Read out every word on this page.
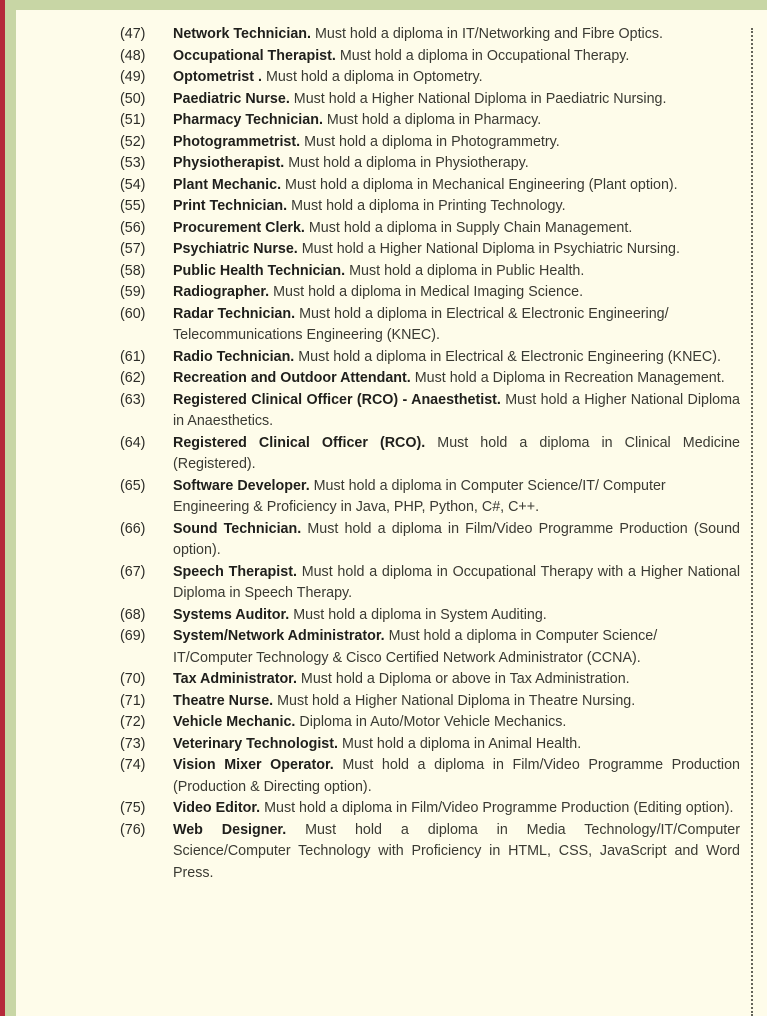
(47)	Network Technician. Must hold a diploma in IT/Networking and Fibre Optics.
(48)	Occupational Therapist. Must hold a diploma in Occupational Therapy.
(49)	Optometrist . Must hold a diploma in Optometry.
(50)	Paediatric Nurse. Must hold a Higher National Diploma in Paediatric Nursing.
(51)	Pharmacy Technician. Must hold a diploma in Pharmacy.
(52)	Photogrammetrist. Must hold a diploma in Photogrammetry.
(53)	Physiotherapist. Must hold a diploma in Physiotherapy.
(54)	Plant Mechanic. Must hold a diploma in Mechanical Engineering (Plant option).
(55)	Print Technician. Must hold a diploma in Printing Technology.
(56)	Procurement Clerk. Must hold a diploma in Supply Chain Management.
(57)	Psychiatric Nurse. Must hold a Higher National Diploma in Psychiatric Nursing.
(58)	Public Health Technician. Must hold a diploma in Public Health.
(59)	Radiographer. Must hold a diploma in Medical Imaging Science.
(60)	Radar Technician. Must hold a diploma in Electrical & Electronic Engineering/ Telecommunications Engineering (KNEC).
(61)	Radio Technician. Must hold a diploma in Electrical & Electronic Engineering (KNEC).
(62)	Recreation and Outdoor Attendant. Must hold a Diploma in Recreation Management.
(63)	Registered Clinical Officer (RCO) - Anaesthetist. Must hold a Higher National Diploma in Anaesthetics.
(64)	Registered Clinical Officer (RCO). Must hold a diploma in Clinical Medicine (Registered).
(65)	Software Developer. Must hold a diploma in Computer Science/IT/ Computer Engineering & Proficiency in Java, PHP, Python, C#, C++.
(66)	Sound Technician. Must hold a diploma in Film/Video Programme Production (Sound option).
(67)	Speech Therapist. Must hold a diploma in Occupational Therapy with a Higher National Diploma in Speech Therapy.
(68)	Systems Auditor. Must hold a diploma in System Auditing.
(69)	System/Network Administrator. Must hold a diploma in Computer Science/ IT/Computer Technology & Cisco Certified Network Administrator (CCNA).
(70)	Tax Administrator. Must hold a Diploma or above in Tax Administration.
(71)	Theatre Nurse. Must hold a Higher National Diploma in Theatre Nursing.
(72)	Vehicle Mechanic. Diploma in Auto/Motor Vehicle Mechanics.
(73)	Veterinary Technologist. Must hold a diploma in Animal Health.
(74)	Vision Mixer Operator. Must hold a diploma in Film/Video Programme Production (Production & Directing option).
(75)	Video Editor. Must hold a diploma in Film/Video Programme Production (Editing option).
(76)	Web Designer. Must hold a diploma in Media Technology/IT/Computer Science/Computer Technology with Proficiency in HTML, CSS, JavaScript and Word Press.
